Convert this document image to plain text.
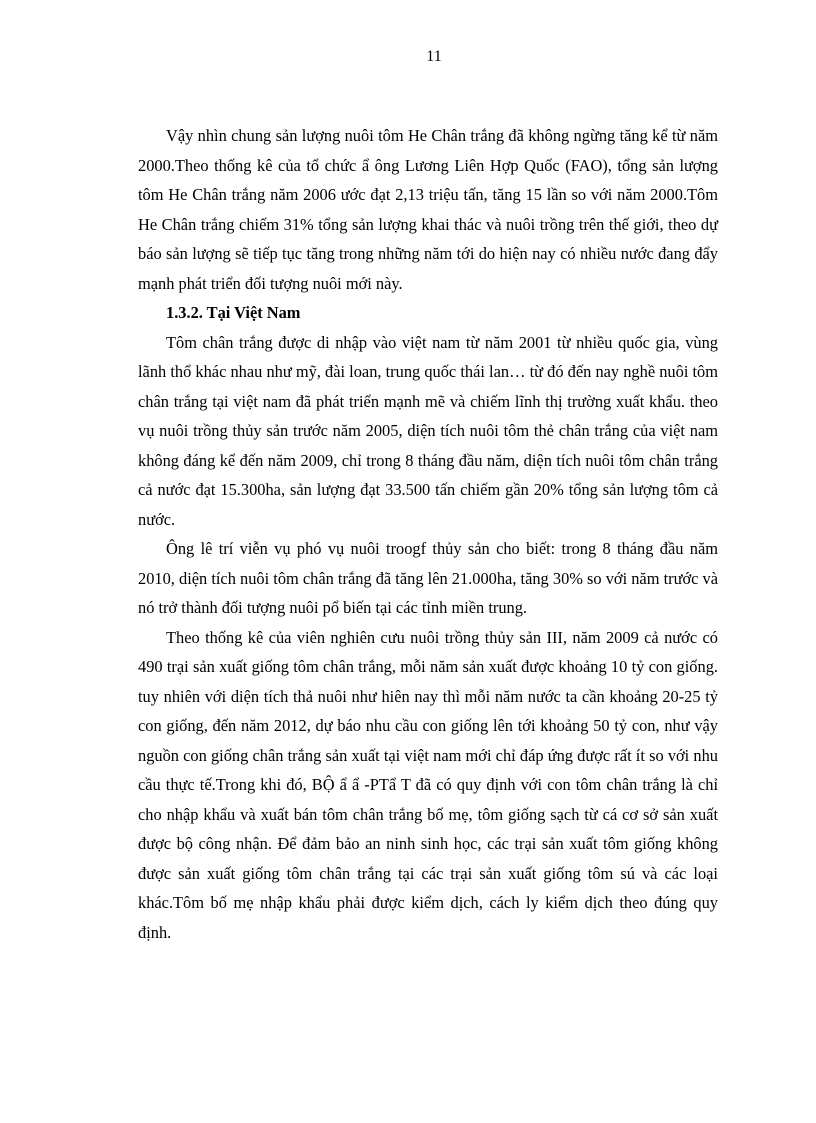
11

Vậy nhìn chung sản lượng nuôi tôm He Chân trắng đã không ngừng tăng kể từ năm 2000.Theo thống kê của tổ chức ẩ ông Lương Liên Hợp Quốc (FAO), tổng sản lượng tôm He Chân trắng năm 2006 ước đạt 2,13 triệu tấn, tăng 15 lần so với năm 2000.Tôm He Chân trắng chiếm 31% tổng sản lượng khai thác và nuôi trồng trên thế giới, theo dự báo sản lượng sẽ tiếp tục tăng trong những năm tới do hiện nay có nhiều nước đang đẩy mạnh phát triển đối tượng nuôi mới này.

1.3.2. Tại Việt Nam

Tôm chân trắng được di nhập vào việt nam từ năm 2001 từ nhiều quốc gia, vùng lãnh thổ khác nhau như mỹ, đài loan, trung quốc thái lan… từ đó đến nay nghề nuôi tôm chân trắng tại việt nam đã phát triển mạnh mẽ và chiếm lĩnh thị trường xuất khẩu. theo vụ nuôi trồng thủy sản trước năm 2005, diện tích nuôi tôm thẻ chân trắng của việt nam không đáng kể đến năm 2009, chỉ trong 8 tháng đầu năm, diện tích nuôi tôm chân trắng cả nước đạt 15.300ha, sản lượng đạt 33.500 tấn chiếm gần 20% tổng sản lượng tôm cả nước.

Ông lê trí viễn vụ phó vụ nuôi troogf thủy sản cho biết: trong 8 tháng đầu năm 2010, diện tích nuôi tôm chân trắng đã tăng lên 21.000ha, tăng 30% so với năm trước và nó trở thành đối tượng nuôi pổ biến tại các tỉnh miền trung.

Theo thống kê của viên nghiên cưu nuôi trồng thủy sản III, năm 2009 cả nước có 490 trại sản xuất giống tôm chân trắng, mỗi năm sản xuất được khoảng 10 tỷ con giống. tuy nhiên với diện tích thả nuôi như hiên nay thì mỗi năm nước ta cần khoảng 20-25 tỷ con giống, đến năm 2012, dự báo nhu cầu con giống lên tới khoảng 50 tỷ con, như vậy nguồn con giống chân trắng sản xuất tại việt nam mới chỉ đáp ứng được rất ít so với nhu cầu thực tế.Trong khi đó, BỘ ẩ ẩ -PTẩ T đã có quy định với con tôm chân trắng là chỉ cho nhập khẩu và xuất bán tôm chân trắng bố mẹ, tôm giống sạch từ cá cơ sở sản xuất được bộ công nhận. Để đảm bảo an ninh sinh học, các trại sản xuất tôm giống không được sản xuất giống tôm chân trắng tại các trại sản xuất giống tôm sú và các loại khác.Tôm bố mẹ nhập khẩu phải được kiểm dịch, cách ly kiểm dịch theo đúng quy định.
